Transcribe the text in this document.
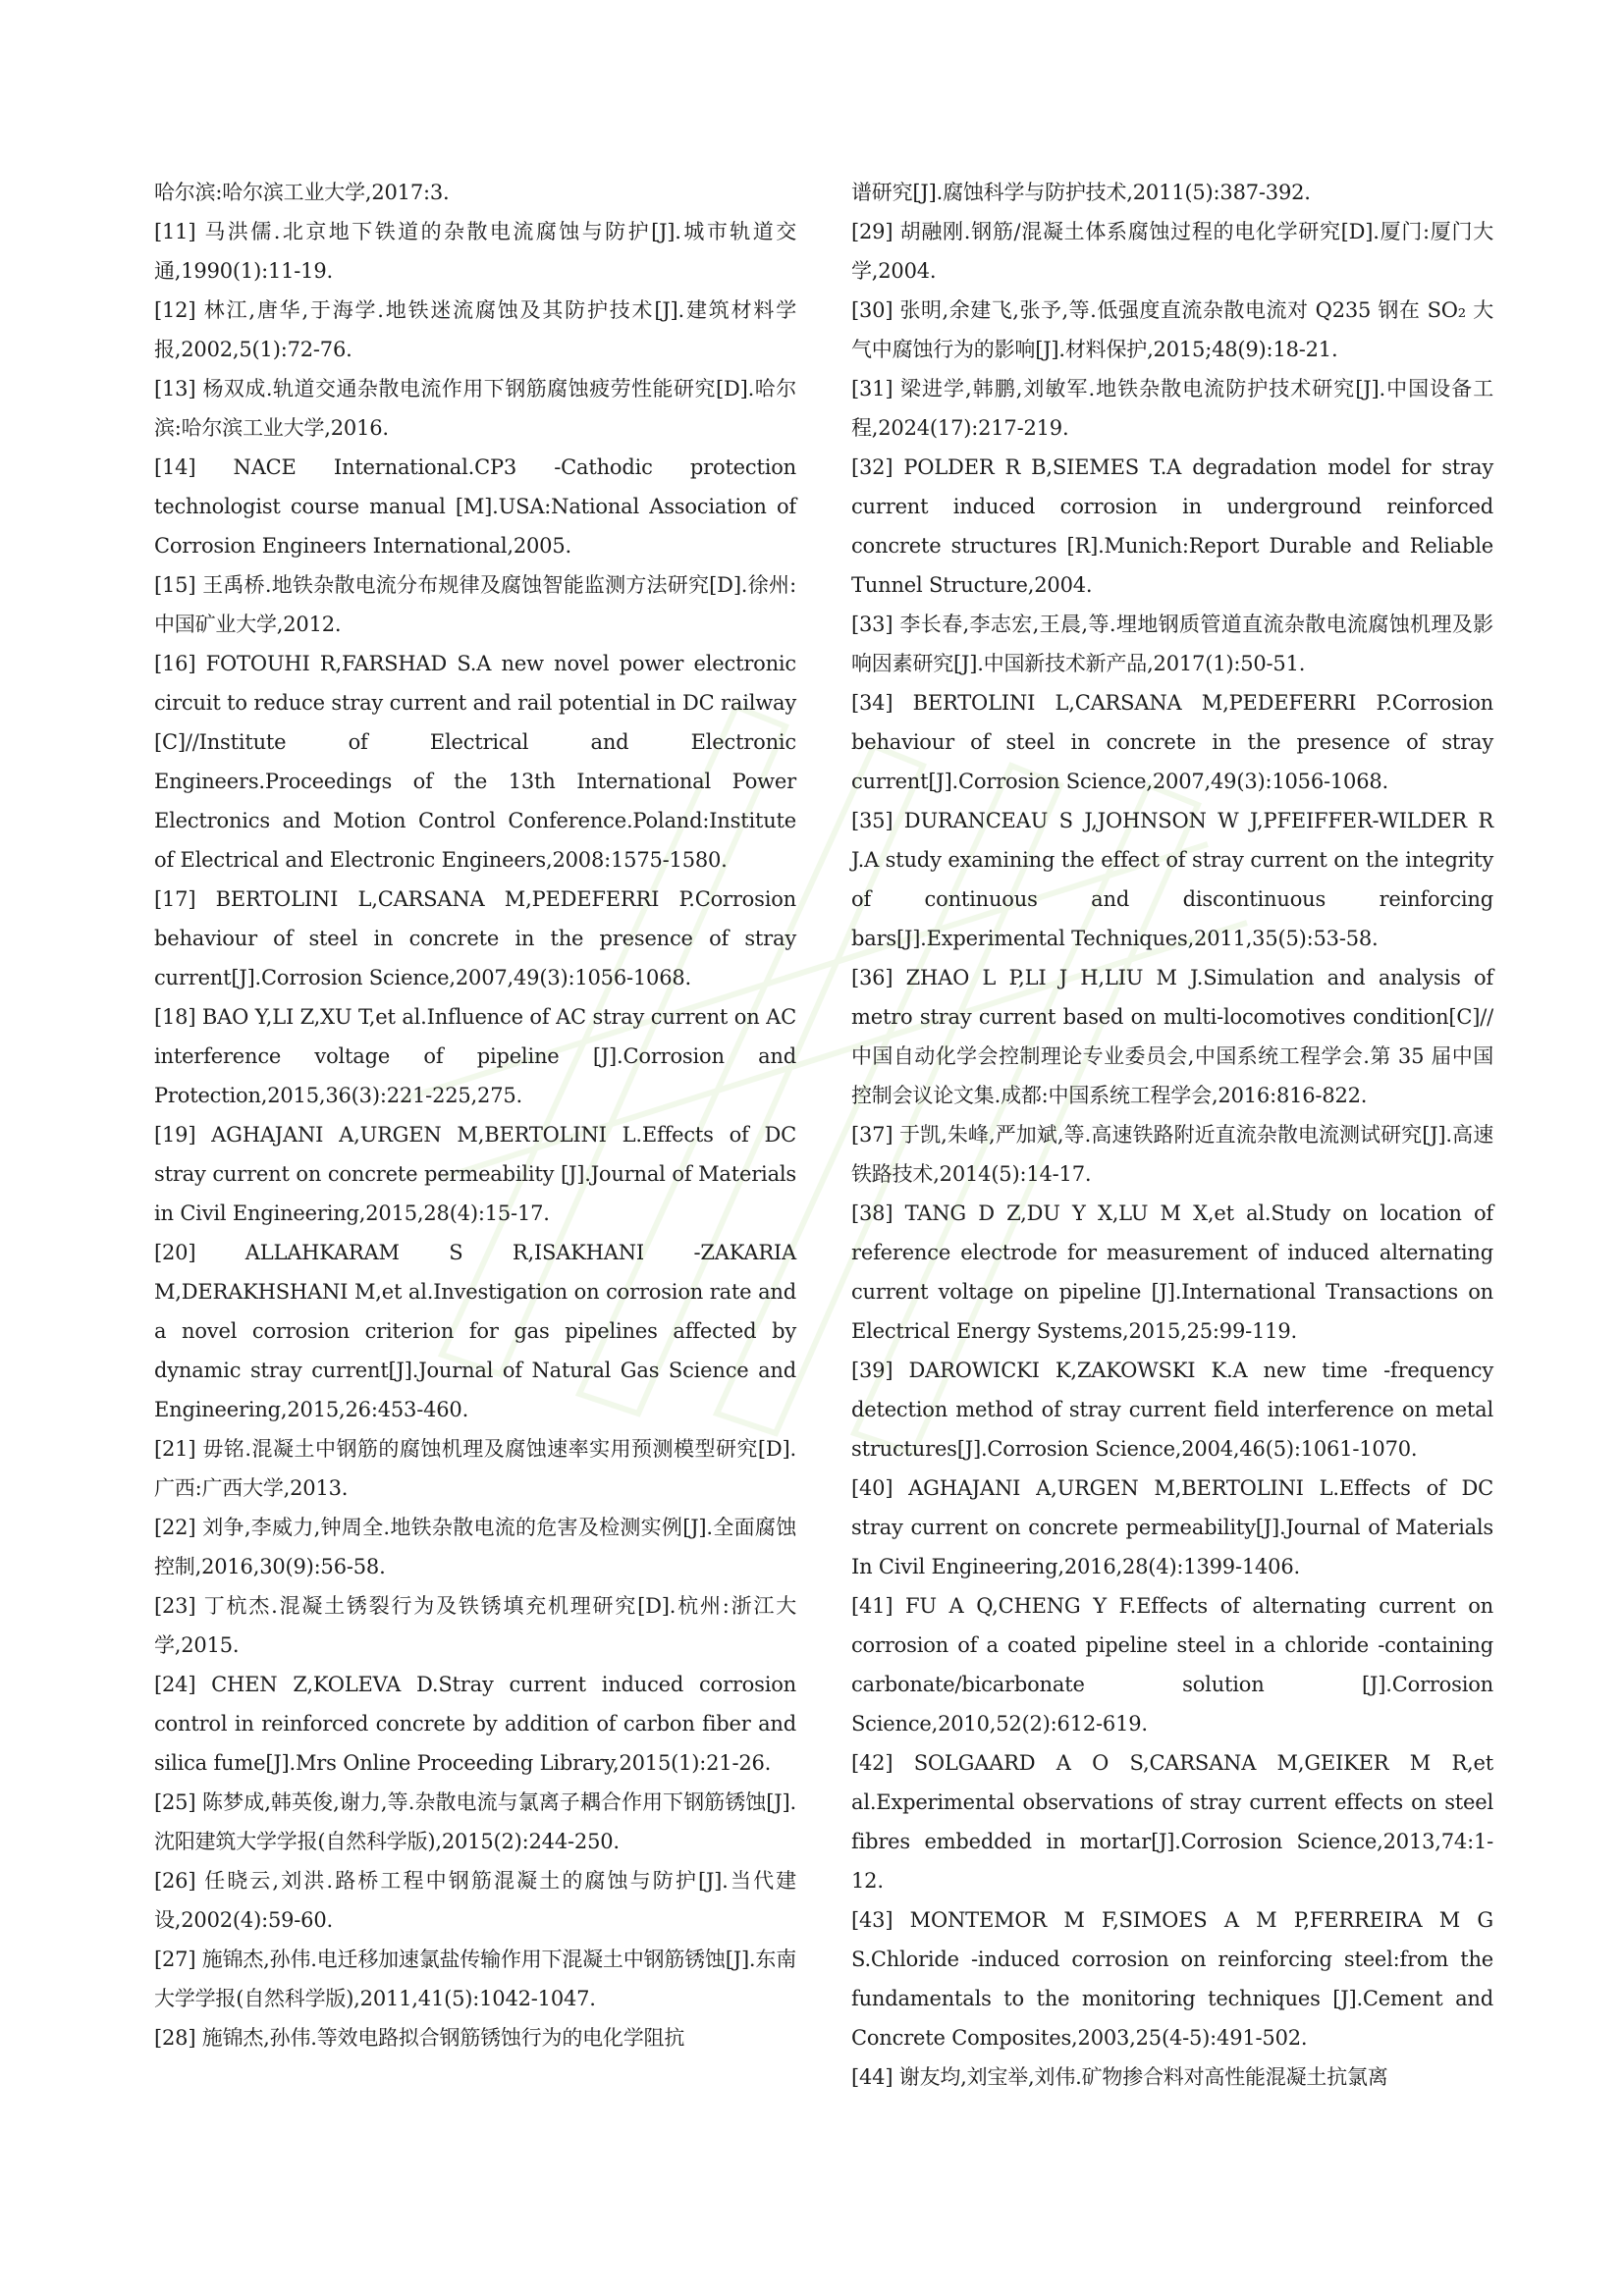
哈尔滨:哈尔滨工业大学,2017:3.

[11] 马洪儒.北京地下铁道的杂散电流腐蚀与防护[J].城市轨道交通,1990(1):11-19.

[12] 林江,唐华,于海学.地铁迷流腐蚀及其防护技术[J].建筑材料学报,2002,5(1):72-76.

[13] 杨双成.轨道交通杂散电流作用下钢筋腐蚀疲劳性能研究[D].哈尔滨:哈尔滨工业大学,2016.

[14] NACE International.CP3 -Cathodic protection technologist course manual [M].USA:National Association of Corrosion Engineers International,2005.

[15] 王禹桥.地铁杂散电流分布规律及腐蚀智能监测方法研究[D].徐州:中国矿业大学,2012.

[16] FOTOUHI R,FARSHAD S.A new novel power electronic circuit to reduce stray current and rail potential in DC railway [C]//Institute of Electrical and Electronic Engineers.Proceedings of the 13th International Power Electronics and Motion Control Conference.Poland:Institute of Electrical and Electronic Engineers,2008:1575-1580.

[17] BERTOLINI L,CARSANA M,PEDEFERRI P.Corrosion behaviour of steel in concrete in the presence of stray current[J].Corrosion Science,2007,49(3):1056-1068.

[18] BAO Y,LI Z,XU T,et al.Influence of AC stray current on AC interference voltage of pipeline [J].Corrosion and Protection,2015,36(3):221-225,275.

[19] AGHAJANI A,URGEN M,BERTOLINI L.Effects of DC stray current on concrete permeability [J].Journal of Materials in Civil Engineering,2015,28(4):15-17.

[20] ALLAHKARAM S R,ISAKHANI -ZAKARIA M,DERAKHSHANI M,et al.Investigation on corrosion rate and a novel corrosion criterion for gas pipelines affected by dynamic stray current[J].Journal of Natural Gas Science and Engineering,2015,26:453-460.

[21] 毋铭.混凝土中钢筋的腐蚀机理及腐蚀速率实用预测模型研究[D].广西:广西大学,2013.

[22] 刘争,李威力,钟周全.地铁杂散电流的危害及检测实例[J].全面腐蚀控制,2016,30(9):56-58.

[23] 丁杭杰.混凝土锈裂行为及铁锈填充机理研究[D].杭州:浙江大学,2015.

[24] CHEN Z,KOLEVA D.Stray current induced corrosion control in reinforced concrete by addition of carbon fiber and silica fume[J].Mrs Online Proceeding Library,2015(1):21-26.

[25] 陈梦成,韩英俊,谢力,等.杂散电流与氯离子耦合作用下钢筋锈蚀[J].沈阳建筑大学学报(自然科学版),2015(2):244-250.

[26] 任晓云,刘洪.路桥工程中钢筋混凝土的腐蚀与防护[J].当代建设,2002(4):59-60.

[27] 施锦杰,孙伟.电迁移加速氯盐传输作用下混凝土中钢筋锈蚀[J].东南大学学报(自然科学版),2011,41(5):1042-1047.

[28] 施锦杰,孙伟.等效电路拟合钢筋锈蚀行为的电化学阻抗

谱研究[J].腐蚀科学与防护技术,2011(5):387-392.

[29] 胡融刚.钢筋/混凝土体系腐蚀过程的电化学研究[D].厦门:厦门大学,2004.

[30] 张明,余建飞,张予,等.低强度直流杂散电流对 Q235 钢在 SO₂ 大气中腐蚀行为的影响[J].材料保护,2015;48(9):18-21.

[31] 梁进学,韩鹏,刘敏军.地铁杂散电流防护技术研究[J].中国设备工程,2024(17):217-219.

[32] POLDER R B,SIEMES T.A degradation model for stray current induced corrosion in underground reinforced concrete structures [R].Munich:Report Durable and Reliable Tunnel Structure,2004.

[33] 李长春,李志宏,王晨,等.埋地钢质管道直流杂散电流腐蚀机理及影响因素研究[J].中国新技术新产品,2017(1):50-51.

[34] BERTOLINI L,CARSANA M,PEDEFERRI P.Corrosion behaviour of steel in concrete in the presence of stray current[J].Corrosion Science,2007,49(3):1056-1068.

[35] DURANCEAU S J,JOHNSON W J,PFEIFFER-WILDER R J.A study examining the effect of stray current on the integrity of continuous and discontinuous reinforcing bars[J].Experimental Techniques,2011,35(5):53-58.

[36] ZHAO L P,LI J H,LIU M J.Simulation and analysis of metro stray current based on multi-locomotives condition[C]//中国自动化学会控制理论专业委员会,中国系统工程学会.第 35 届中国控制会议论文集.成都:中国系统工程学会,2016:816-822.

[37] 于凯,朱峰,严加斌,等.高速铁路附近直流杂散电流测试研究[J].高速铁路技术,2014(5):14-17.

[38] TANG D Z,DU Y X,LU M X,et al.Study on location of reference electrode for measurement of induced alternating current voltage on pipeline [J].International Transactions on Electrical Energy Systems,2015,25:99-119.

[39] DAROWICKI K,ZAKOWSKI K.A new time -frequency detection method of stray current field interference on metal structures[J].Corrosion Science,2004,46(5):1061-1070.

[40] AGHAJANI A,URGEN M,BERTOLINI L.Effects of DC stray current on concrete permeability[J].Journal of Materials In Civil Engineering,2016,28(4):1399-1406.

[41] FU A Q,CHENG Y F.Effects of alternating current on corrosion of a coated pipeline steel in a chloride -containing carbonate/bicarbonate solution [J].Corrosion Science,2010,52(2):612-619.

[42] SOLGAARD A O S,CARSANA M,GEIKER M R,et al.Experimental observations of stray current effects on steel fibres embedded in mortar[J].Corrosion Science,2013,74:1-12.

[43] MONTEMOR M F,SIMOES A M P,FERREIRA M G S.Chloride -induced corrosion on reinforcing steel:from the fundamentals to the monitoring techniques [J].Cement and Concrete Composites,2003,25(4-5):491-502.

[44] 谢友均,刘宝举,刘伟.矿物掺合料对高性能混凝土抗氯离
